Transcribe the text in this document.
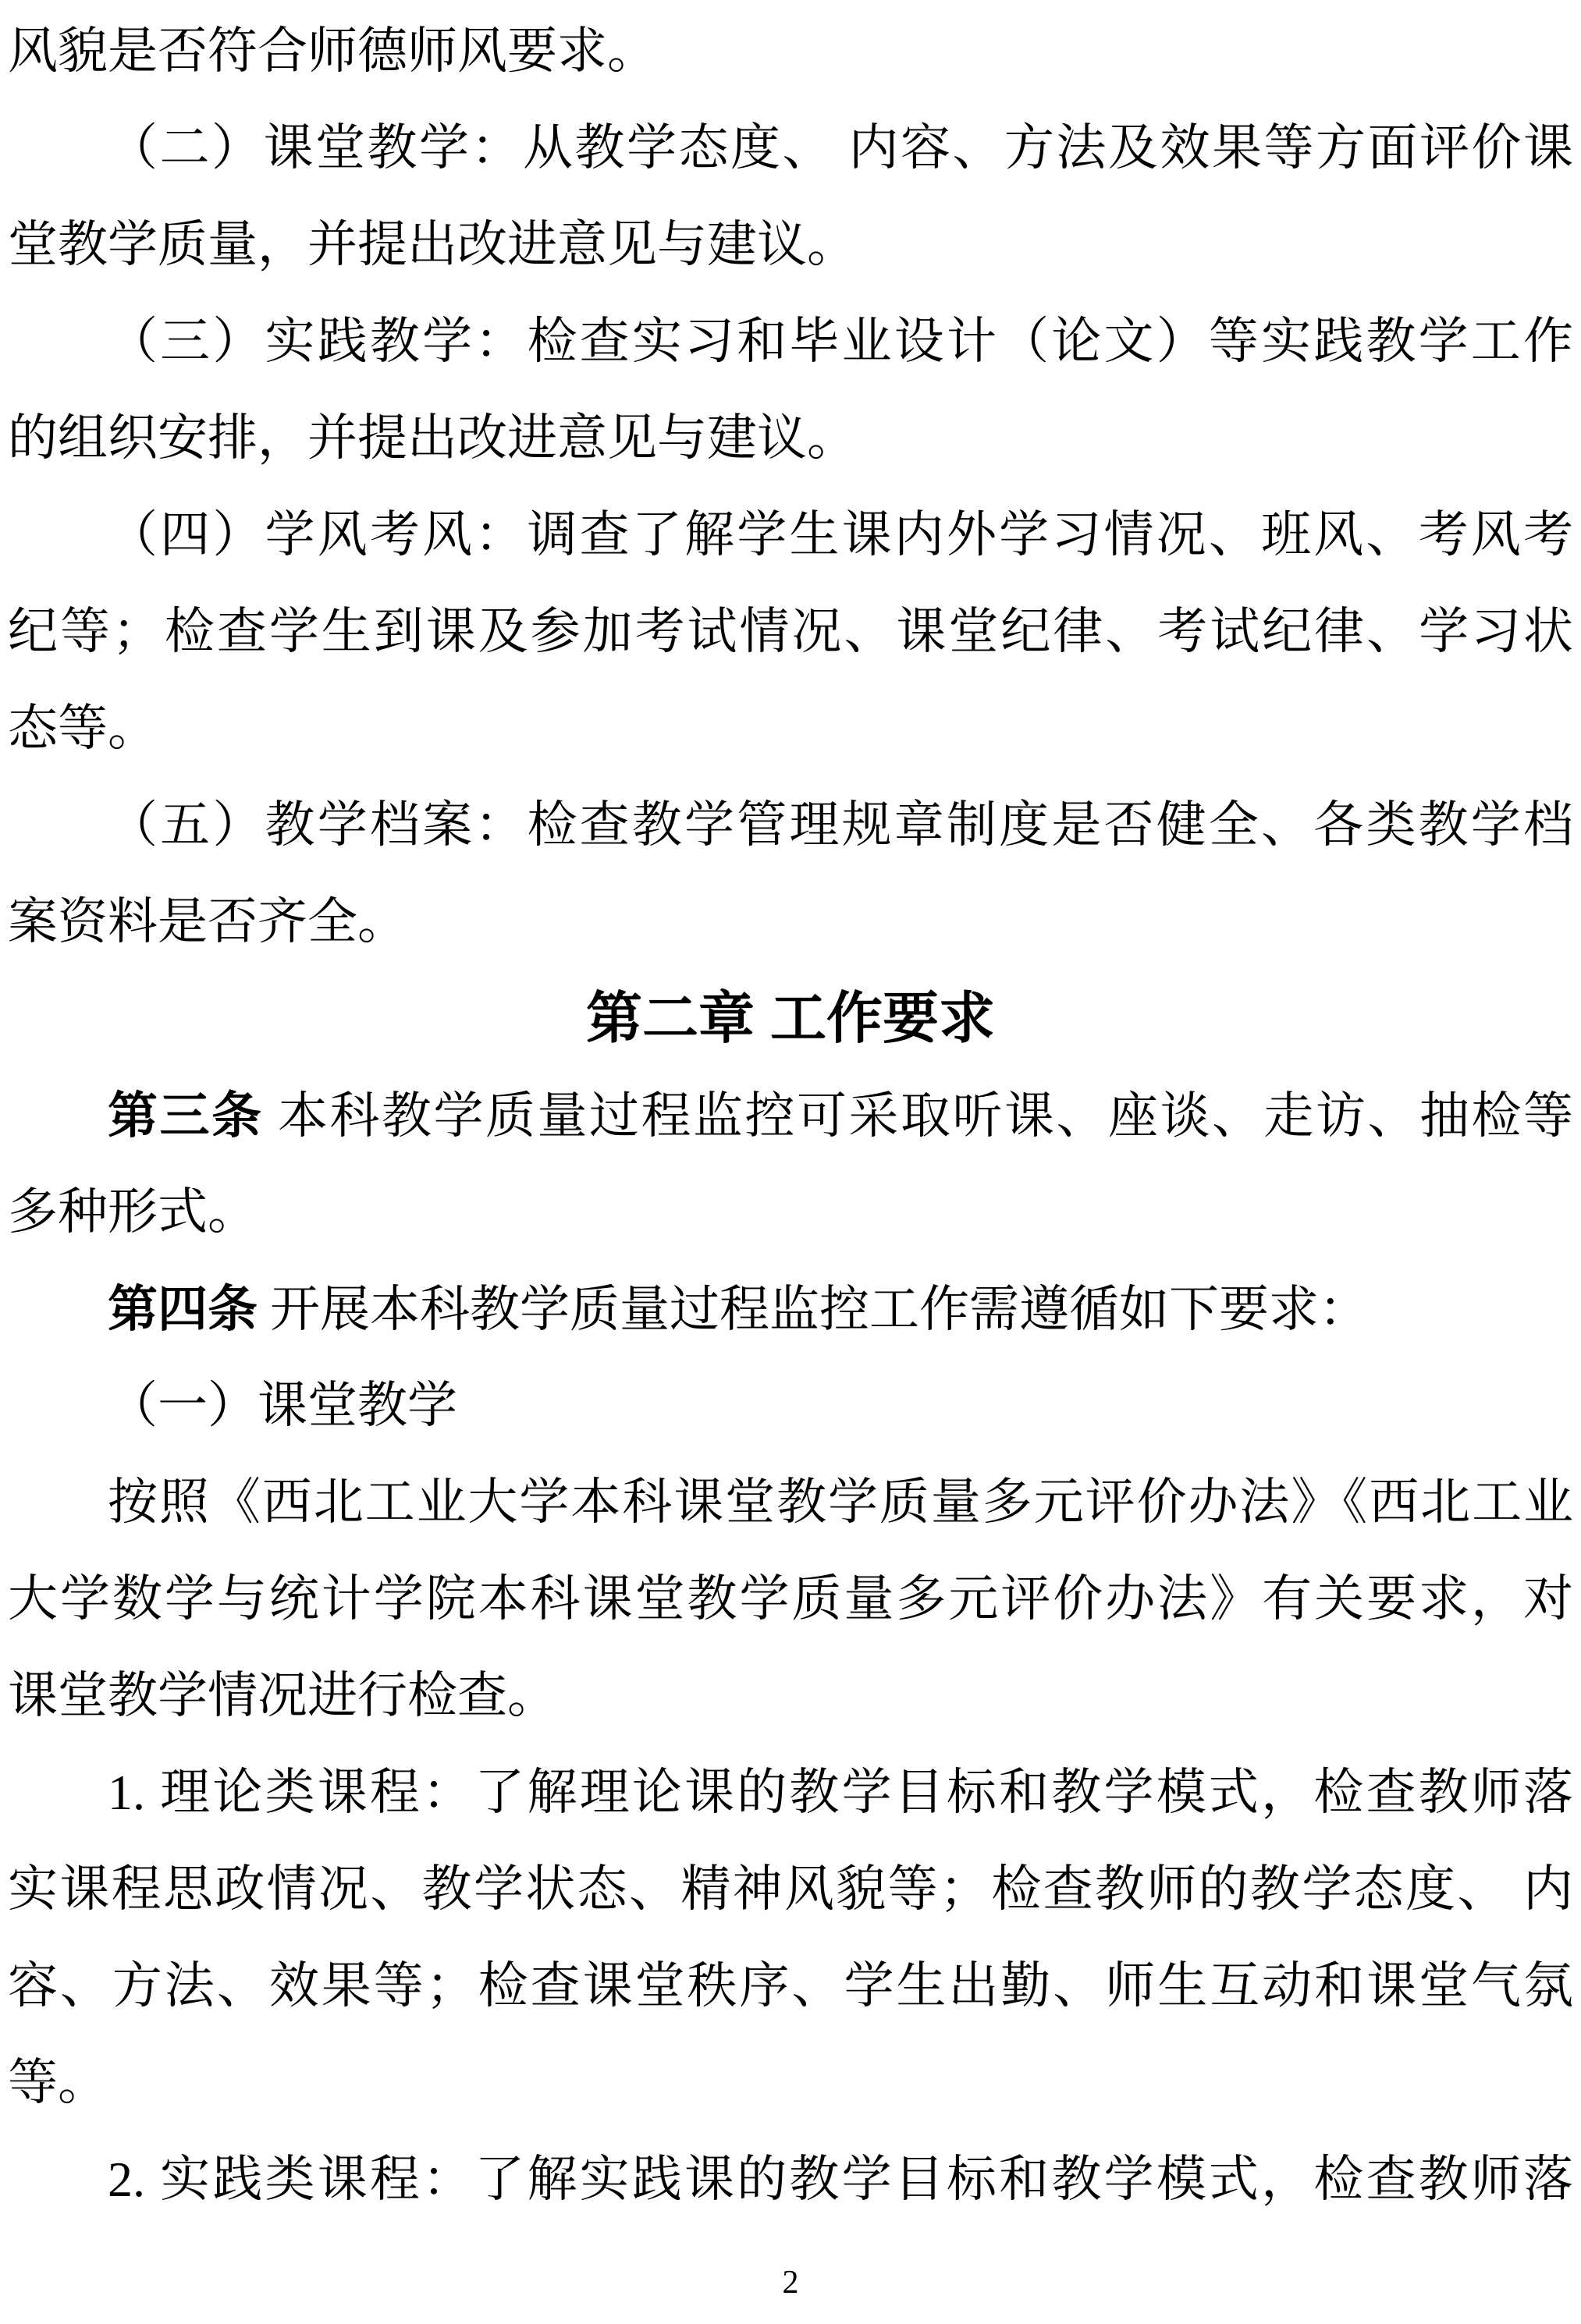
风貌是否符合师德师风要求。
（二）课堂教学：从教学态度、 内容、方法及效果等方面评价课
堂教学质量，并提出改进意见与建议。
（三）实践教学：检查实习和毕业设计（论文）等实践教学工作
的组织安排，并提出改进意见与建议。
（四）学风考风：调查了解学生课内外学习情况、班风、考风考
纪等；检查学生到课及参加考试情况、课堂纪律、考试纪律、学习状
态等。
（五）教学档案：检查教学管理规章制度是否健全、各类教学档
案资料是否齐全。
第二章 工作要求
第三条 本科教学质量过程监控可采取听课、座谈、走访、抽检等
多种形式。
第四条 开展本科教学质量过程监控工作需遵循如下要求：
（一）课堂教学
按照《西北工业大学本科课堂教学质量多元评价办法》《西北工业
大学数学与统计学院本科课堂教学质量多元评价办法》有关要求，对
课堂教学情况进行检查。
1. 理论类课程：了解理论课的教学目标和教学模式，检查教师落
实课程思政情况、教学状态、精神风貌等；检查教师的教学态度、 内
容、方法、效果等；检查课堂秩序、学生出勤、师生互动和课堂气氛
等。
2. 实践类课程：了解实践课的教学目标和教学模式，检查教师落
2
